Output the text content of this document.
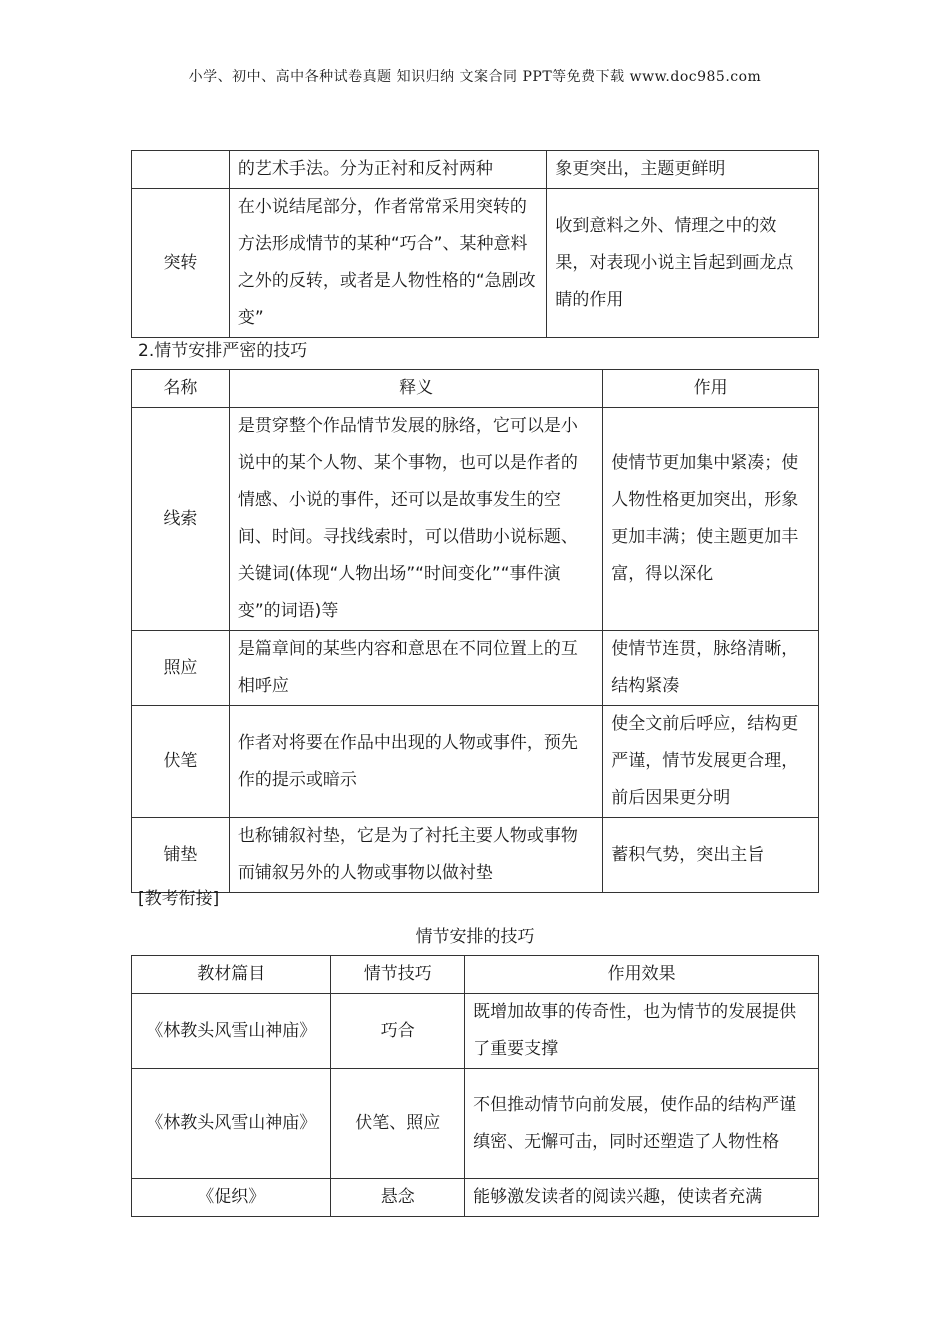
小学、初中、高中各种试卷真题 知识归纳 文案合同 PPT等免费下载 www.doc985.com
	的艺术手法。分为正衬和反衬两种	象更突出，主题更鲜明
突转	在小说结尾部分，作者常常采用突转的方法形成情节的某种“巧合”、某种意料之外的反转，或者是人物性格的“急剧改变”	收到意料之外、情理之中的效果，对表现小说主旨起到画龙点睛的作用
2.情节安排严密的技巧
名称	释义	作用
线索	是贯穿整个作品情节发展的脉络，它可以是小说中的某个人物、某个事物，也可以是作者的情感、小说的事件，还可以是故事发生的空间、时间。寻找线索时，可以借助小说标题、关键词(体现“人物出场”“时间变化”“事件演变”的词语)等	使情节更加集中紧凑；使人物性格更加突出，形象更加丰满；使主题更加丰富，得以深化
照应	是篇章间的某些内容和意思在不同位置上的互相呼应	使情节连贯，脉络清晰，结构紧凑
伏笔	作者对将要在作品中出现的人物或事件，预先作的提示或暗示	使全文前后呼应，结构更严谨，情节发展更合理，前后因果更分明
铺垫	也称铺叙衬垫，它是为了衬托主要人物或事物而铺叙另外的人物或事物以做衬垫	蓄积气势，突出主旨
[教考衔接]
情节安排的技巧
教材篇目	情节技巧	作用效果
《林教头风雪山神庙》	巧合	既增加故事的传奇性，也为情节的发展提供了重要支撑
《林教头风雪山神庙》	伏笔、照应	不但推动情节向前发展，使作品的结构严谨缜密、无懈可击，同时还塑造了人物性格
《促织》	悬念	能够激发读者的阅读兴趣，使读者充满
